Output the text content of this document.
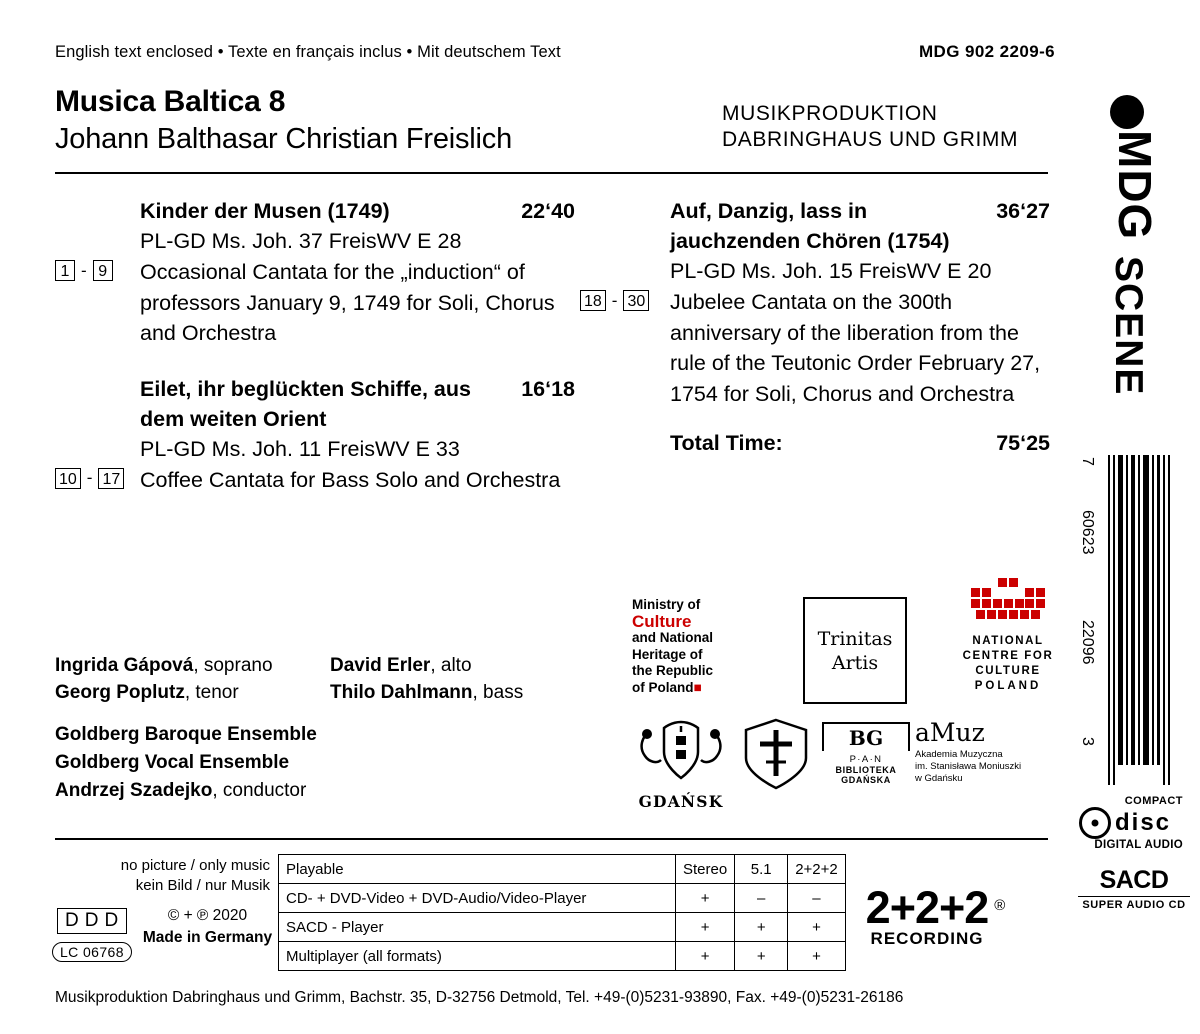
English text enclosed • Texte en français inclus • Mit deutschem Text	MDG 902 2209-6
Musica Baltica 8
Johann Balthasar Christian Freislich
MUSIKPRODUKTION
DABRINGHAUS UND GRIMM
Kinder der Musen (1749)	22‘40
PL-GD Ms. Joh. 37 FreisWV E 28
1 - 9 Occasional Cantata for the „induction“ of professors January 9, 1749 for Soli, Chorus and Orchestra
Eilet, ihr beglückten Schiffe, aus dem weiten Orient
16‘18
PL-GD Ms. Joh. 11 FreisWV E 33
10 - 17 Coffee Cantata for Bass Solo and Orchestra
Auf, Danzig, lass in jauchzenden Chören (1754)
36‘27
PL-GD Ms. Joh. 15 FreisWV E 20
18 - 30 Jubelee Cantata on the 300th anniversary of the liberation from the rule of the Teutonic Order February 27, 1754 for Soli, Chorus and Orchestra
Total Time:	75‘25
Ingrida Gápová, soprano	David Erler, alto
Georg Poplutz, tenor	Thilo Dahlmann, bass
Goldberg Baroque Ensemble
Goldberg Vocal Ensemble
Andrzej Szadejko, conductor
Ministry of
Culture
and National
Heritage of
the Republic
of Poland■
Trinitas
Artis
NATIONAL
CENTRE FOR
CULTURE
POLAND
GDAŃSK
BG
P·A·N
BIBLIOTEKA GDAŃSKA
aMuz
Akademia Muzyczna
im. Stanisława Moniuszki
w Gdańsku
no picture / only music
kein Bild / nur Musik
DDD
LC 06768
© + ℗ 2020
Made in Germany
Playable	Stereo	5.1	2+2+2
CD- + DVD-Video + DVD-Audio/Video-Player	+	–	–
SACD - Player	+	+	+
Multiplayer (all formats)	+	+	+
2+2+2 ®
RECORDING
Musikproduktion Dabringhaus und Grimm, Bachstr. 35, D-32756 Detmold, Tel. +49-(0)5231-93890, Fax. +49-(0)5231-26186
MDG
SCENE
7
60623
22096
3
COMPACT
disc
DIGITAL AUDIO
SACD
SUPER AUDIO CD
